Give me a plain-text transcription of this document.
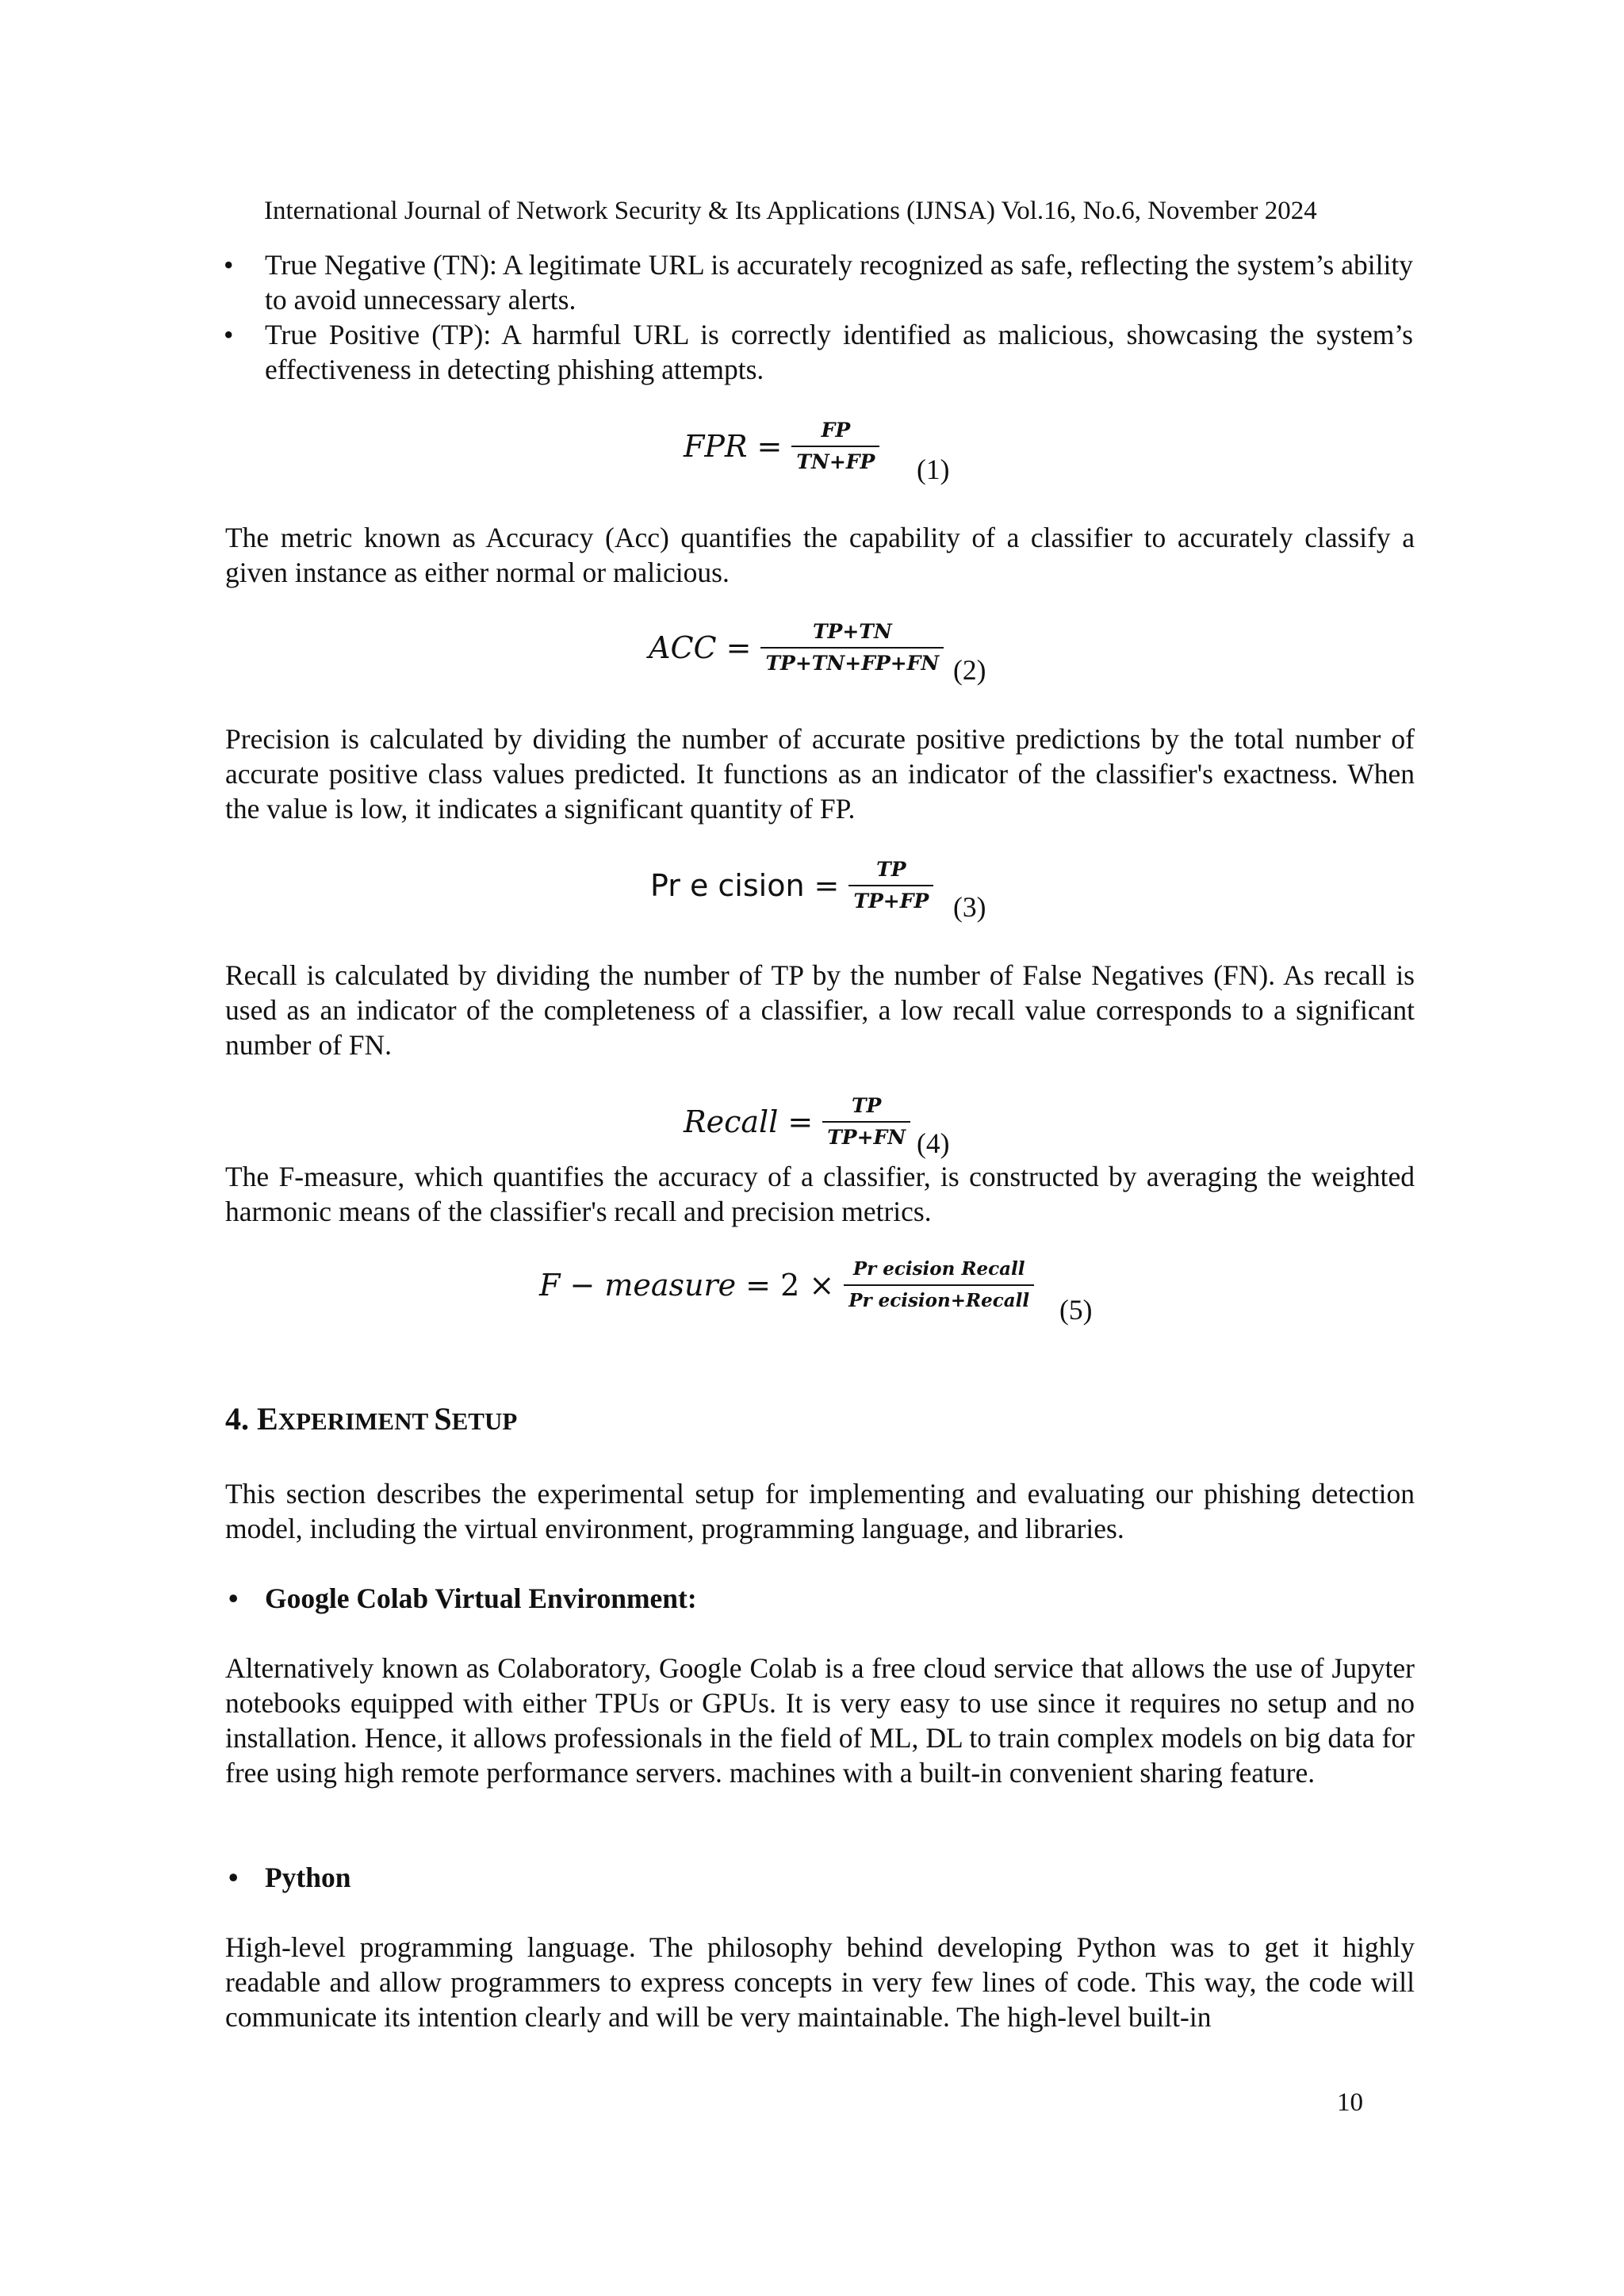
International Journal of Network Security & Its Applications (IJNSA) Vol.16, No.6, November 2024
•	True Negative (TN): A legitimate URL is accurately recognized as safe, reflecting the system’s ability to avoid unnecessary alerts.
•	True Positive (TP): A harmful URL is correctly identified as malicious, showcasing the system’s effectiveness in detecting phishing attempts.
FPR = $\frac{FP}{TN+FP} (1)$
The metric known as Accuracy (Acc) quantifies the capability of a classifier to accurately classify a given instance as either normal or malicious.
ACC = $\frac{TP+TN}{TP+TN+FP+FN} (2)$
Precision is calculated by dividing the number of accurate positive predictions by the total number of accurate positive class values predicted. It functions as an indicator of the classifier's exactness. When the value is low, it indicates a significant quantity of FP.
Pr e cision = $\frac{TP}{TP+FP} (3)$
Recall is calculated by dividing the number of TP by the number of False Negatives (FN). As recall is used as an indicator of the completeness of a classifier, a low recall value corresponds to a significant number of FN.
Recall = $\frac{TP}{TP+FN} (4)$
The F-measure, which quantifies the accuracy of a classifier, is constructed by averaging the weighted harmonic means of the classifier's recall and precision metrics.
F − measure = $2 \times \frac{\text{Pr ecision Recall}}{\text{Pr ecision+Recall}} (5)$
4. EXPERIMENT SETUP
This section describes the experimental setup for implementing and evaluating our phishing detection model, including the virtual environment, programming language, and libraries.
• Google Colab Virtual Environment:
Alternatively known as Colaboratory, Google Colab is a free cloud service that allows the use of Jupyter notebooks equipped with either TPUs or GPUs. It is very easy to use since it requires no setup and no installation. Hence, it allows professionals in the field of ML, DL to train complex models on big data for free using high remote performance servers. machines with a built-in convenient sharing feature.
• Python
High-level programming language. The philosophy behind developing Python was to get it highly readable and allow programmers to express concepts in very few lines of code. This way, the code will communicate its intention clearly and will be very maintainable. The high-level built-in
10
